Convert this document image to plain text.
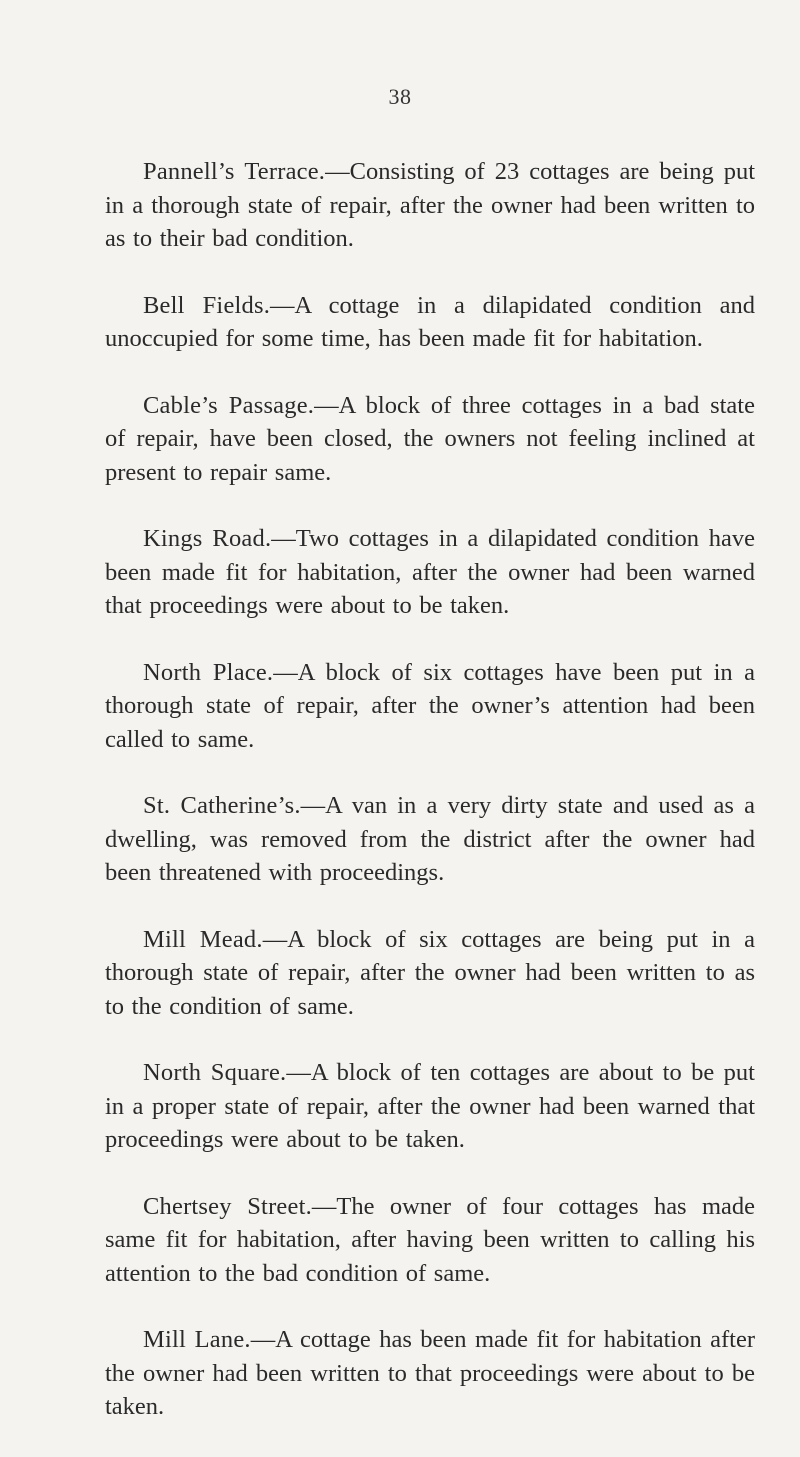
38

Pannell’s Terrace.—Consisting of 23 cottages are being put in a thorough state of repair, after the owner had been written to as to their bad condition.

Bell Fields.—A cottage in a dilapidated condition and unoccupied for some time, has been made fit for habitation.

Cable’s Passage.—A block of three cottages in a bad state of repair, have been closed, the owners not feeling inclined at present to repair same.

Kings Road.—Two cottages in a dilapidated condition have been made fit for habitation, after the owner had been warned that proceedings were about to be taken.

North Place.—A block of six cottages have been put in a thorough state of repair, after the owner’s attention had been called to same.

St. Catherine’s.—A van in a very dirty state and used as a dwelling, was removed from the district after the owner had been threatened with proceedings.

Mill Mead.—A block of six cottages are being put in a thorough state of repair, after the owner had been written to as to the condition of same.

North Square.—A block of ten cottages are about to be put in a proper state of repair, after the owner had been warned that proceedings were about to be taken.

Chertsey Street.—The owner of four cottages has made same fit for habitation, after having been written to calling his attention to the bad condition of same.

Mill Lane.—A cottage has been made fit for habitation after the owner had been written to that proceedings were about to be taken.
